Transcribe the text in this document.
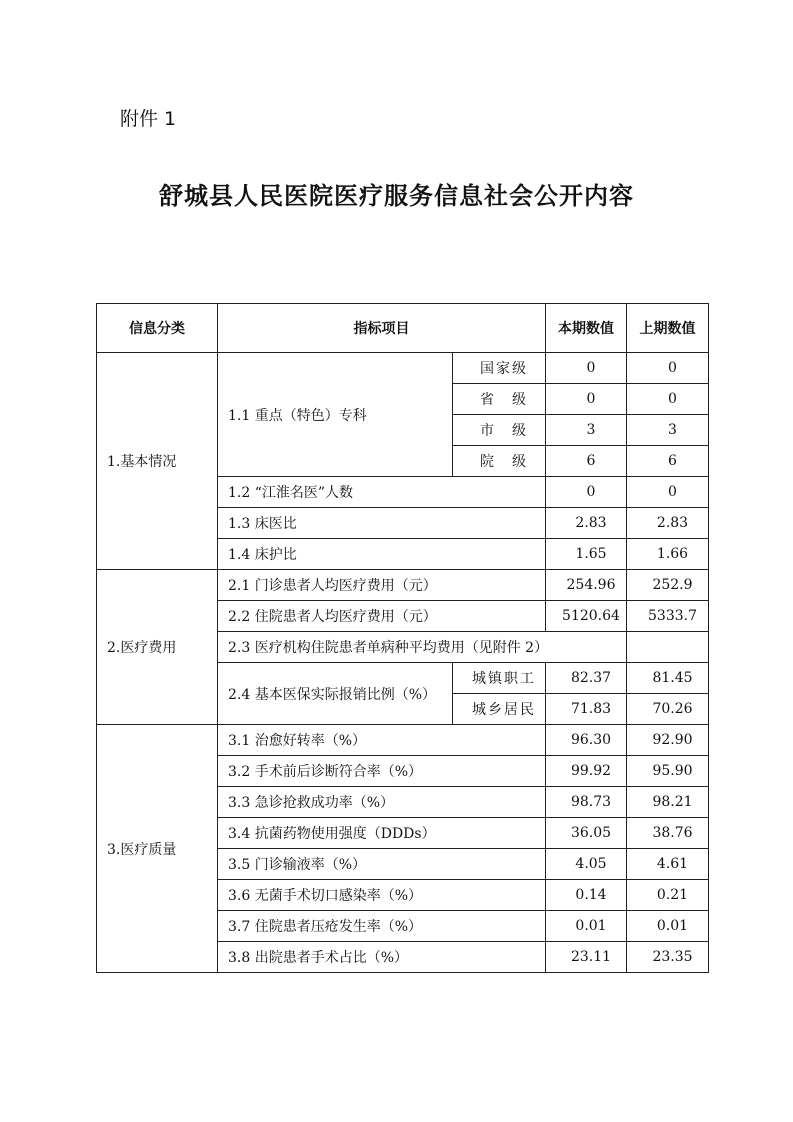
附件 1
舒城县人民医院医疗服务信息社会公开内容
信息分类	指标项目		本期数值	上期数值
1.基本情况	1.1 重点（特色）专科	国家级	0	0
		省　级	0	0
		市　级	3	3
		院　级	6	6
	1.2 “江淮名医”人数		0	0
	1.3 床医比		2.83	2.83
	1.4 床护比		1.65	1.66
2.医疗费用	2.1 门诊患者人均医疗费用（元）		254.96	252.9
	2.2 住院患者人均医疗费用（元）		5120.64	5333.7
	2.3 医疗机构住院患者单病种平均费用（见附件 2）			
	2.4 基本医保实际报销比例（%）	城镇职工	82.37	81.45
		城乡居民	71.83	70.26
3.医疗质量	3.1 治愈好转率（%）		96.30	92.90
	3.2 手术前后诊断符合率（%）		99.92	95.90
	3.3 急诊抢救成功率（%）		98.73	98.21
	3.4 抗菌药物使用强度（DDDs）		36.05	38.76
	3.5 门诊输液率（%）		4.05	4.61
	3.6 无菌手术切口感染率（%）		0.14	0.21
	3.7 住院患者压疮发生率（%）		0.01	0.01
	3.8 出院患者手术占比（%）		23.11	23.35
